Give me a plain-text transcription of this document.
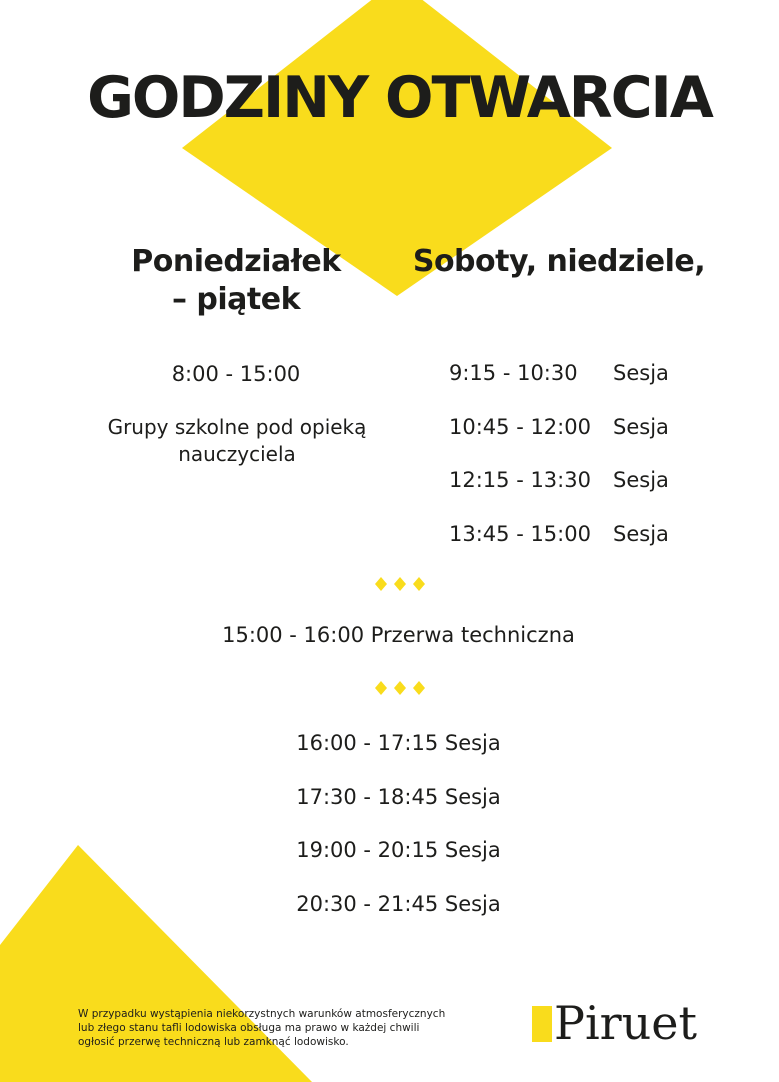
GODZINY OTWARCIA
Poniedziałek
– piątek
8:00 - 15:00
Grupy szkolne pod opieką
nauczyciela
Soboty, niedziele,
9:15 - 10:30 Sesja
10:45 - 12:00 Sesja
12:15 - 13:30 Sesja
13:45 - 15:00 Sesja
15:00 - 16:00 Przerwa techniczna
16:00 - 17:15 Sesja
17:30 - 18:45 Sesja
19:00 - 20:15 Sesja
20:30 - 21:45 Sesja
W przypadku wystąpienia niekorzystnych warunków atmosferycznych
lub złego stanu tafli lodowiska obsługa ma prawo w każdej chwili
ogłosić przerwę techniczną lub zamknąć lodowisko.	Piruet
